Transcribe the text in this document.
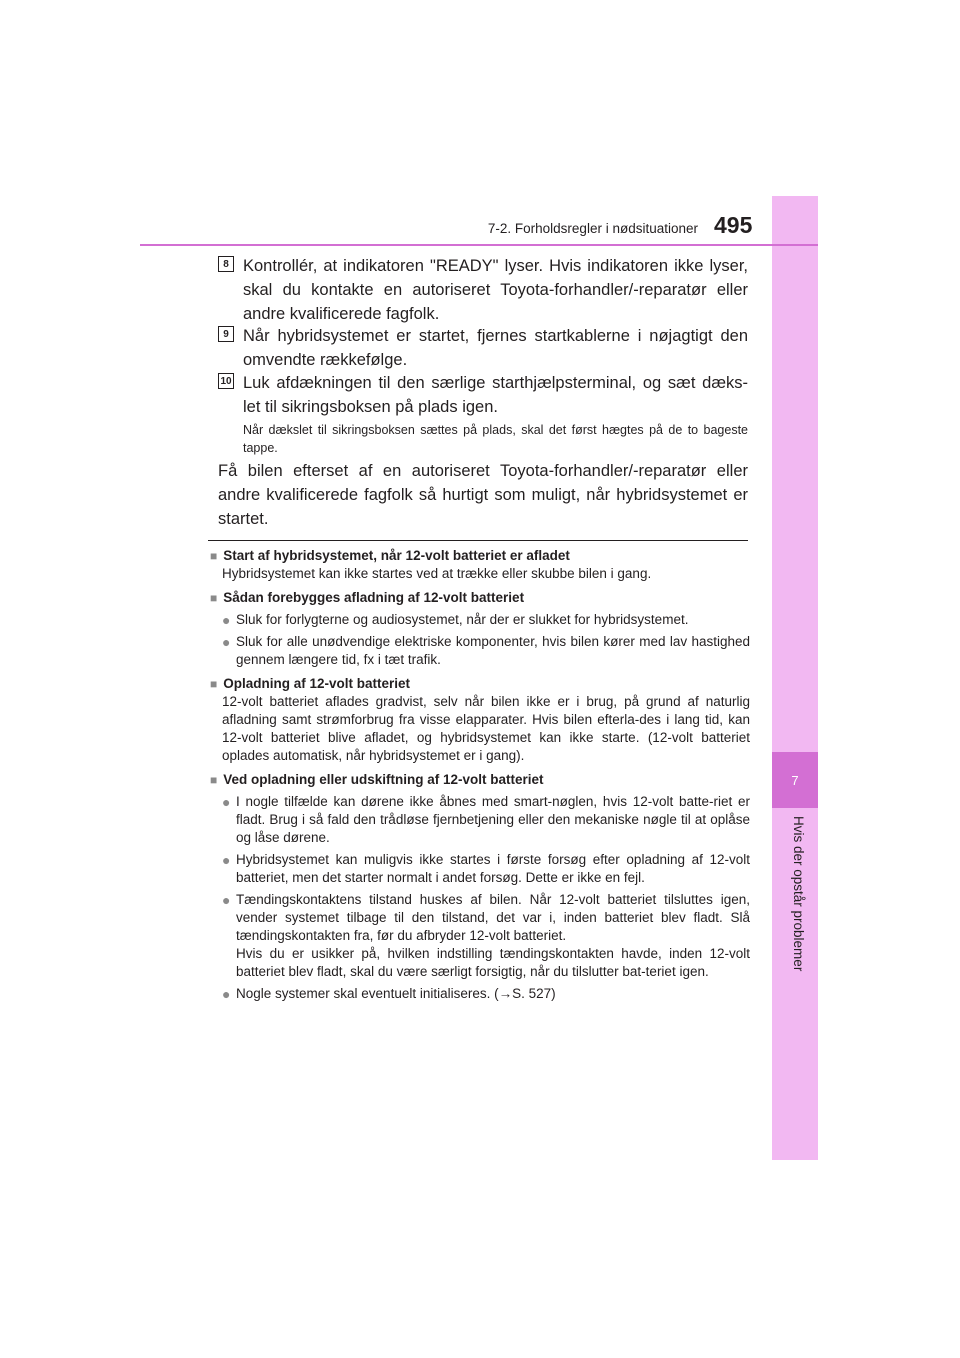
7
Hvis der opstår problemer
7-2. Forholdsregler i nødsituationer 495
8 Kontrollér, at indikatoren "READY" lyser. Hvis indikatoren ikke lyser, skal du kontakte en autoriseret Toyota-forhandler/-reparatør eller andre kvalificerede fagfolk.
9 Når hybridsystemet er startet, fjernes startkablerne i nøjagtigt den omvendte rækkefølge.
10 Luk afdækningen til den særlige starthjælpsterminal, og sæt dæks-let til sikringsboksen på plads igen.
Når dækslet til sikringsboksen sættes på plads, skal det først hægtes på de to bageste tappe.
Få bilen efterset af en autoriseret Toyota-forhandler/-reparatør eller andre kvalificerede fagfolk så hurtigt som muligt, når hybridsystemet er startet.
■ Start af hybridsystemet, når 12-volt batteriet er afladet
Hybridsystemet kan ikke startes ved at trække eller skubbe bilen i gang.
■ Sådan forebygges afladning af 12-volt batteriet
● Sluk for forlygterne og audiosystemet, når der er slukket for hybridsystemet.
● Sluk for alle unødvendige elektriske komponenter, hvis bilen kører med lav hastighed gennem længere tid, fx i tæt trafik.
■ Opladning af 12-volt batteriet
12-volt batteriet aflades gradvist, selv når bilen ikke er i brug, på grund af naturlig afladning samt strømforbrug fra visse elapparater. Hvis bilen efterla-des i lang tid, kan 12-volt batteriet blive afladet, og hybridsystemet kan ikke starte. (12-volt batteriet oplades automatisk, når hybridsystemet er i gang).
■ Ved opladning eller udskiftning af 12-volt batteriet
● I nogle tilfælde kan dørene ikke åbnes med smart-nøglen, hvis 12-volt batte-riet er fladt. Brug i så fald den trådløse fjernbetjening eller den mekaniske nøgle til at oplåse og låse dørene.
● Hybridsystemet kan muligvis ikke startes i første forsøg efter opladning af 12-volt batteriet, men det starter normalt i andet forsøg. Dette er ikke en fejl.
● Tændingskontaktens tilstand huskes af bilen. Når 12-volt batteriet tilsluttes igen, vender systemet tilbage til den tilstand, det var i, inden batteriet blev fladt. Slå tændingskontakten fra, før du afbryder 12-volt batteriet.
Hvis du er usikker på, hvilken indstilling tændingskontakten havde, inden 12-volt batteriet blev fladt, skal du være særligt forsigtig, når du tilslutter bat-teriet igen.
● Nogle systemer skal eventuelt initialiseres. (→S. 527)
